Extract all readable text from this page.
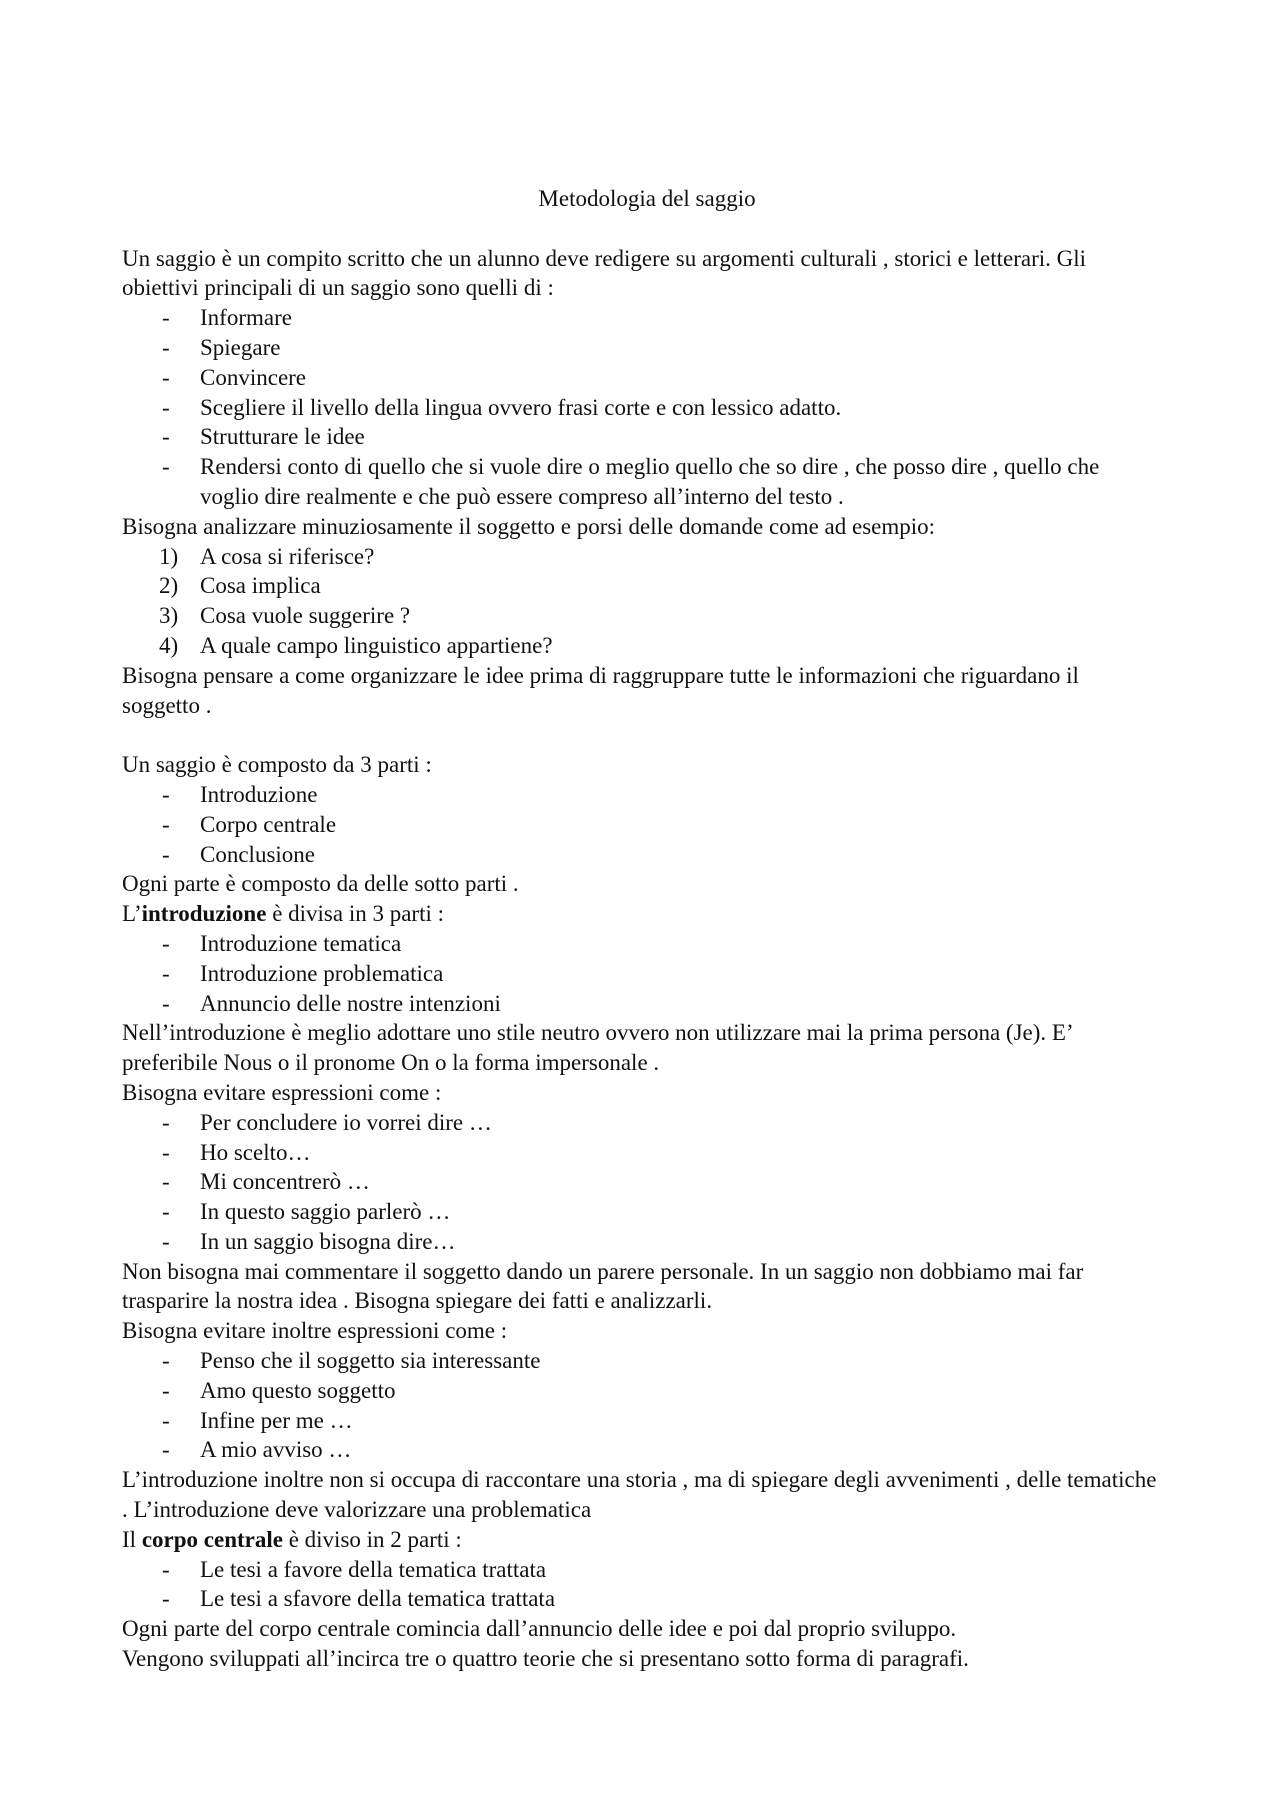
Metodologia del saggio

Un saggio è un compito scritto che un alunno deve redigere su argomenti culturali , storici e letterari. Gli obiettivi principali di un saggio sono quelli di :

- Informare
- Spiegare
- Convincere
- Scegliere il livello della lingua ovvero frasi corte e con lessico adatto.
- Strutturare le idee
- Rendersi conto di quello che si vuole dire o meglio quello che so dire , che posso dire , quello che voglio dire realmente e che può essere compreso all’interno del testo .

Bisogna analizzare minuziosamente il soggetto e porsi delle domande come ad esempio:

1) A cosa si riferisce?
2) Cosa implica
3) Cosa vuole suggerire ?
4) A quale campo linguistico appartiene?

Bisogna pensare a come organizzare le idee prima di raggruppare tutte le informazioni che riguardano il soggetto .

Un saggio è composto da 3 parti :

- Introduzione
- Corpo centrale
- Conclusione

Ogni parte è composto da delle sotto parti .

L’introduzione è divisa in 3 parti :

- Introduzione tematica
- Introduzione problematica
- Annuncio delle nostre intenzioni

Nell’introduzione è meglio adottare uno stile neutro ovvero non utilizzare mai la prima persona (Je). E’ preferibile Nous o il pronome On o la forma impersonale .

Bisogna evitare espressioni come :

- Per concludere io vorrei dire …
- Ho scelto…
- Mi concentrerò …
- In questo saggio parlerò …
- In un saggio bisogna dire…

Non bisogna mai commentare il soggetto dando un parere personale. In un saggio non dobbiamo mai far trasparire la nostra idea . Bisogna spiegare dei fatti e analizzarli.

Bisogna evitare inoltre espressioni come :

- Penso che il soggetto sia interessante
- Amo questo soggetto
- Infine per me …
- A mio avviso …

L’introduzione inoltre non si occupa di raccontare una storia , ma di spiegare degli avvenimenti , delle tematiche . L’introduzione deve valorizzare una problematica

Il corpo centrale è diviso in 2 parti :

- Le tesi a favore della tematica trattata
- Le tesi a sfavore della tematica trattata

Ogni parte del corpo centrale comincia dall’annuncio delle idee e poi dal proprio sviluppo.

Vengono sviluppati all’incirca tre o quattro teorie che si presentano sotto forma di paragrafi.
